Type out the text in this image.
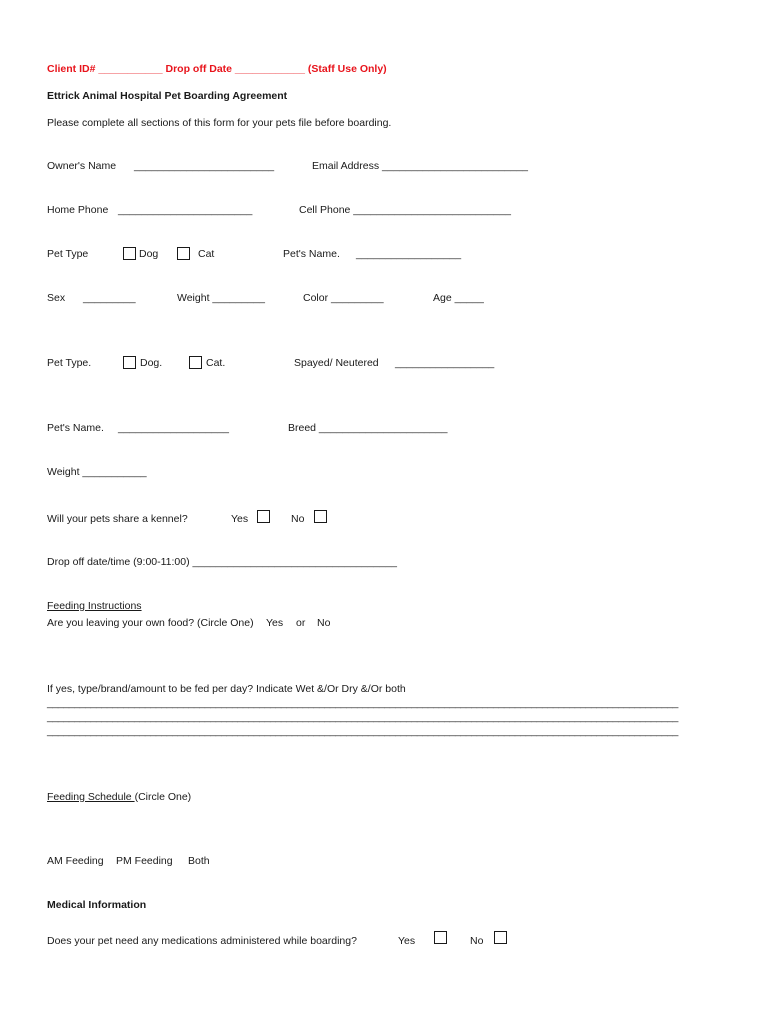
Client ID# ___________ Drop off Date ____________ (Staff Use Only)
Ettrick Animal Hospital Pet Boarding Agreement
Please complete all sections of this form for your pets file before boarding.
Owner's Name ________________________	Email Address _________________________
Home Phone _______________________	Cell Phone ___________________________
Pet Type	Dog	Cat	Pet's Name. __________________
Sex _________	Weight _________	Color _________	Age _____
Pet Type.	Dog.	Cat.	Spayed/ Neutered _________________
Pet's Name. ___________________	Breed ______________________
Weight ___________
Will your pets share a kennel?	Yes	No
Drop off date/time (9:00-11:00) ___________________________________
Feeding Instructions
Are you leaving your own food? (Circle One) Yes or No
If yes, type/brand/amount to be fed per day? Indicate Wet &/Or Dry &/Or both
____________________________________________________________________________________________________________________
____________________________________________________________________________________________________________________
____________________________________________________________________________________________________________________
Feeding Schedule (Circle One)
AM Feeding PM Feeding Both
Medical Information
Does your pet need any medications administered while boarding?	Yes	No
